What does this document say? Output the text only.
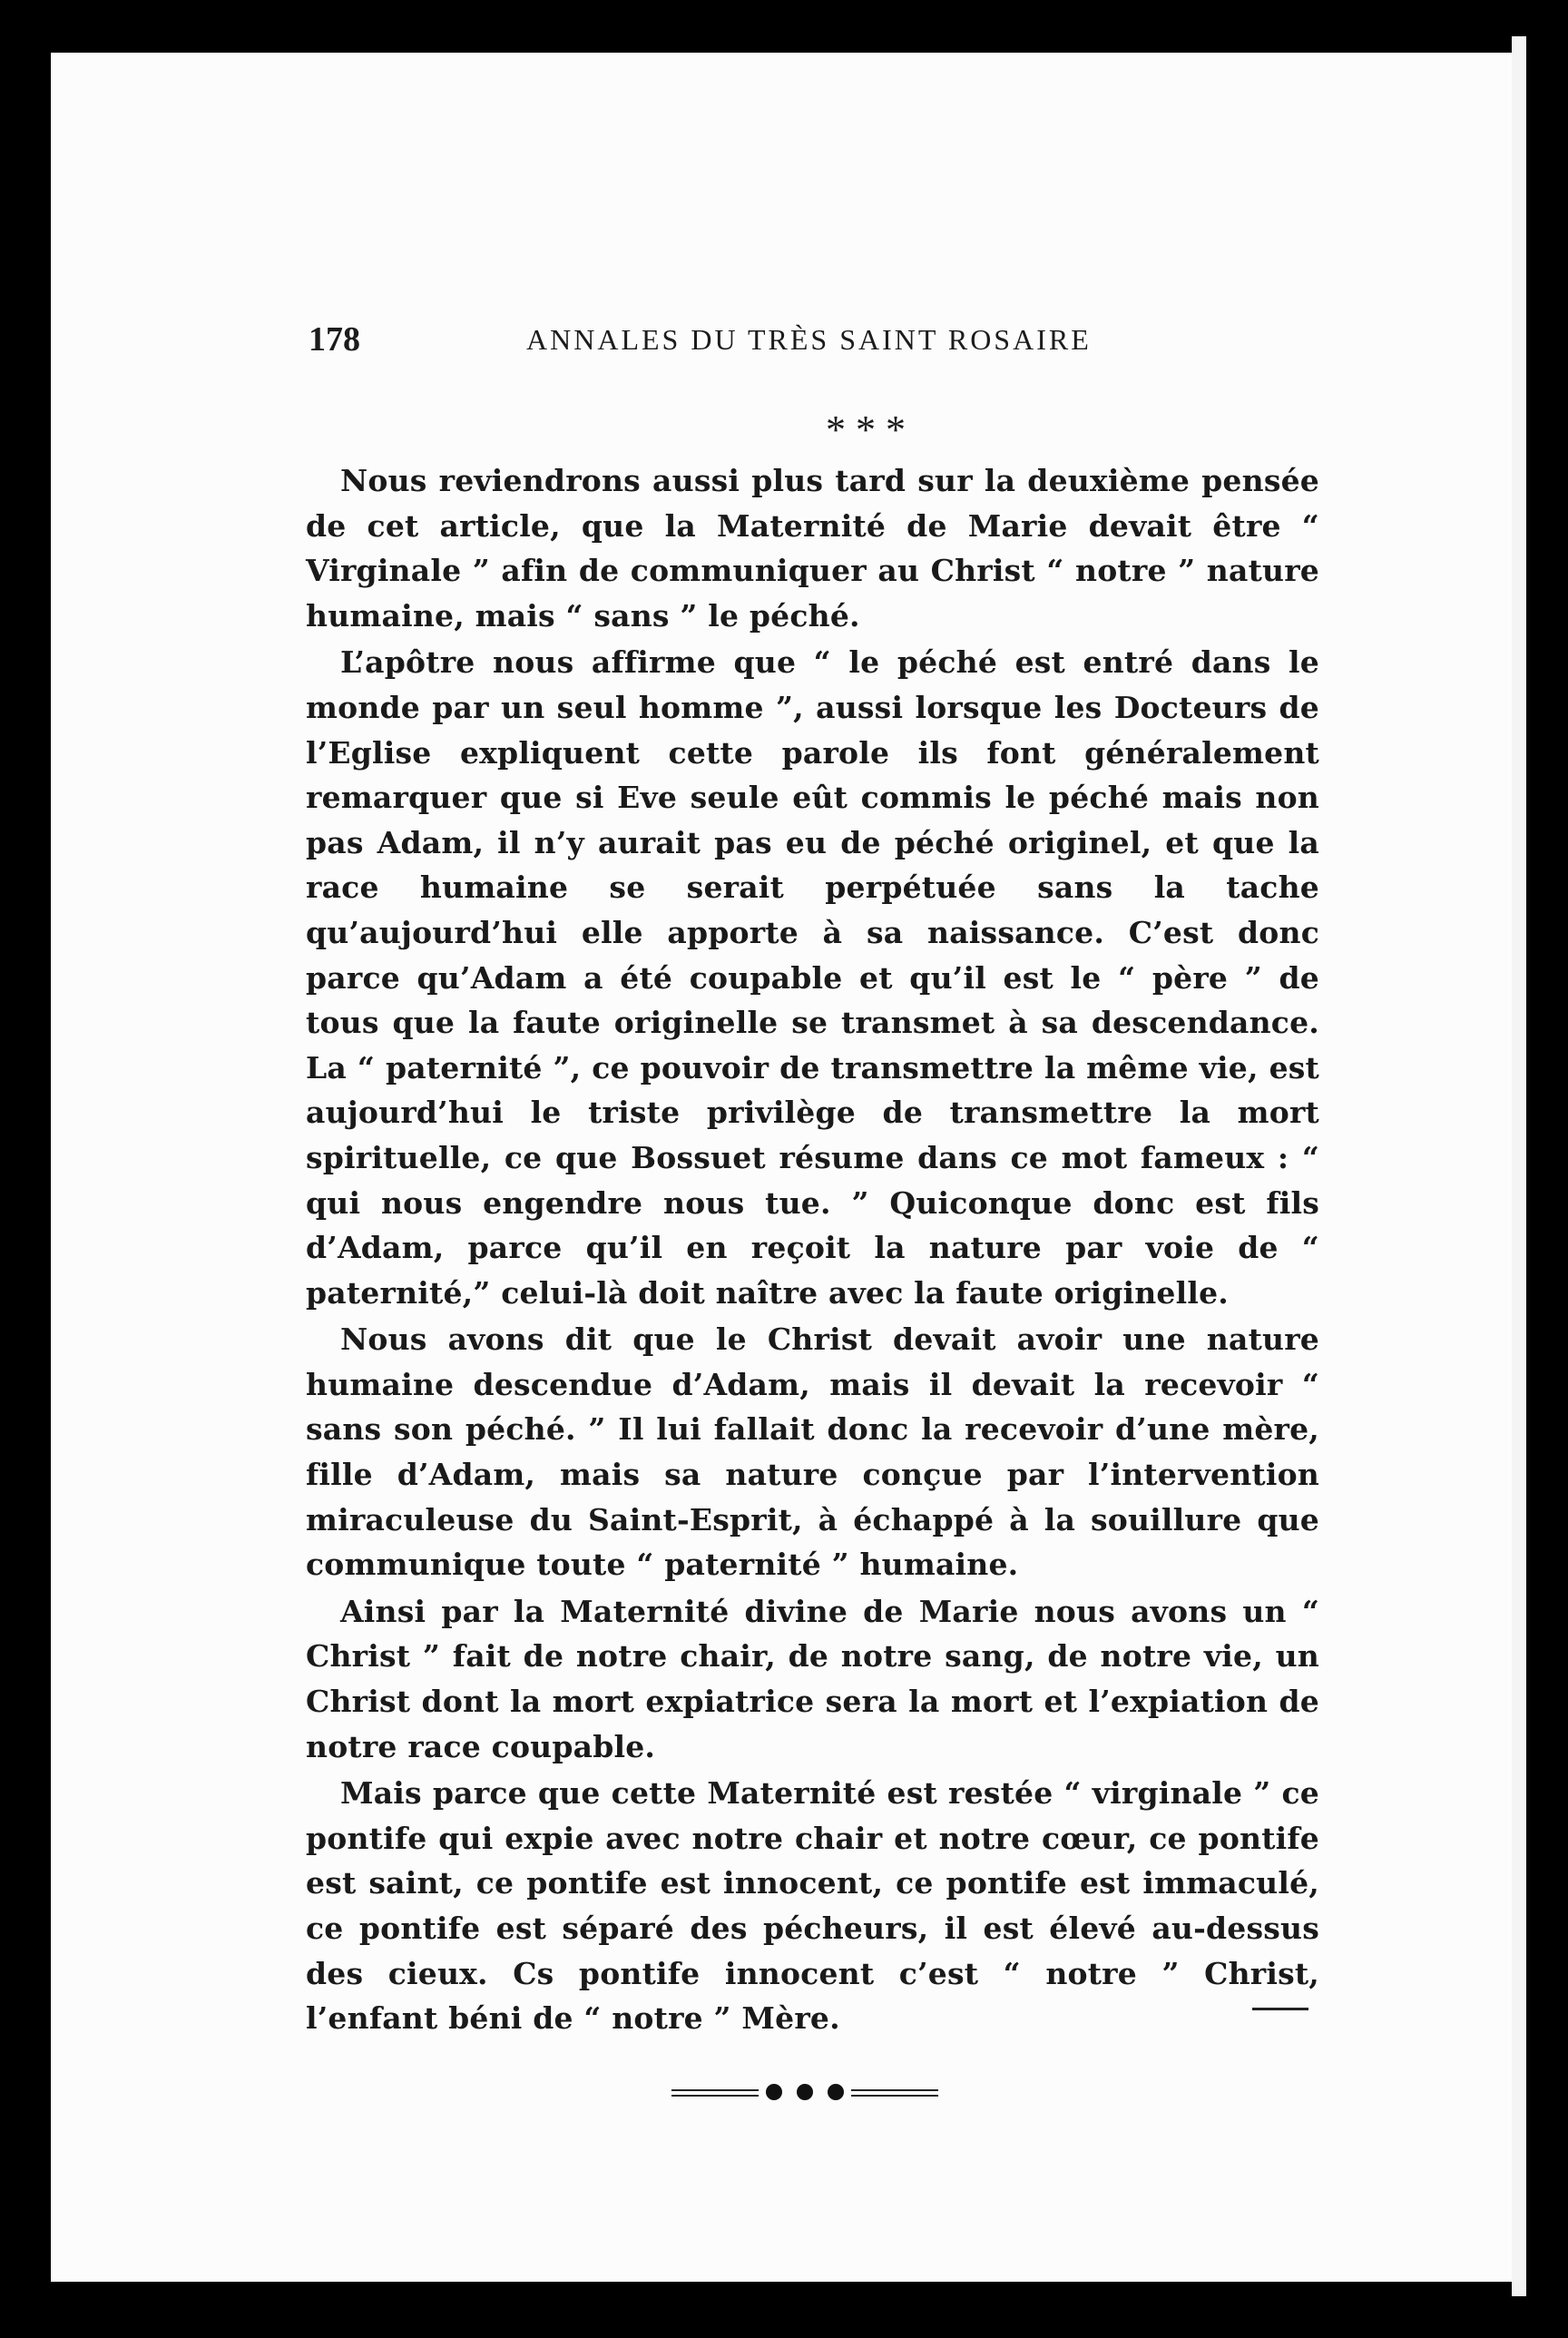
178	ANNALES DU TRÈS SAINT ROSAIRE
* * *

Nous reviendrons aussi plus tard sur la deuxième pensée de cet article, que la Maternité de Marie devait être “ Virginale ” afin de communiquer au Christ “ notre ” nature humaine, mais “ sans ” le péché.

L’apôtre nous affirme que “ le péché est entré dans le monde par un seul homme ”, aussi lorsque les Docteurs de l’Eglise expliquent cette parole ils font généralement remarquer que si Eve seule eût commis le péché mais non pas Adam, il n’y aurait pas eu de péché originel, et que la race humaine se serait perpétuée sans la tache qu’aujourd’hui elle apporte à sa naissance. C’est donc parce qu’Adam a été coupable et qu’il est le “ père ” de tous que la faute originelle se transmet à sa descendance. La “ paternité ”, ce pouvoir de transmettre la même vie, est aujourd’hui le triste privilège de transmettre la mort spirituelle, ce que Bossuet résume dans ce mot fameux : “ qui nous engendre nous tue. ” Quiconque donc est fils d’Adam, parce qu’il en reçoit la nature par voie de “ paternité,” celui-là doit naître avec la faute originelle.

Nous avons dit que le Christ devait avoir une nature humaine descendue d’Adam, mais il devait la recevoir “ sans son péché. ” Il lui fallait donc la recevoir d’une mère, fille d’Adam, mais sa nature conçue par l’intervention miraculeuse du Saint-Esprit, à échappé à la souillure que communique toute “ paternité ” humaine.

Ainsi par la Maternité divine de Marie nous avons un “ Christ ” fait de notre chair, de notre sang, de notre vie, un Christ dont la mort expiatrice sera la mort et l’expiation de notre race coupable.

Mais parce que cette Maternité est restée “ virginale ” ce pontife qui expie avec notre chair et notre cœur, ce pontife est saint, ce pontife est innocent, ce pontife est immaculé, ce pontife est séparé des pécheurs, il est élevé au-dessus des cieux. Cs pontife innocent c’est “ notre ” Christ, l’enfant béni de “ notre ” Mère.
